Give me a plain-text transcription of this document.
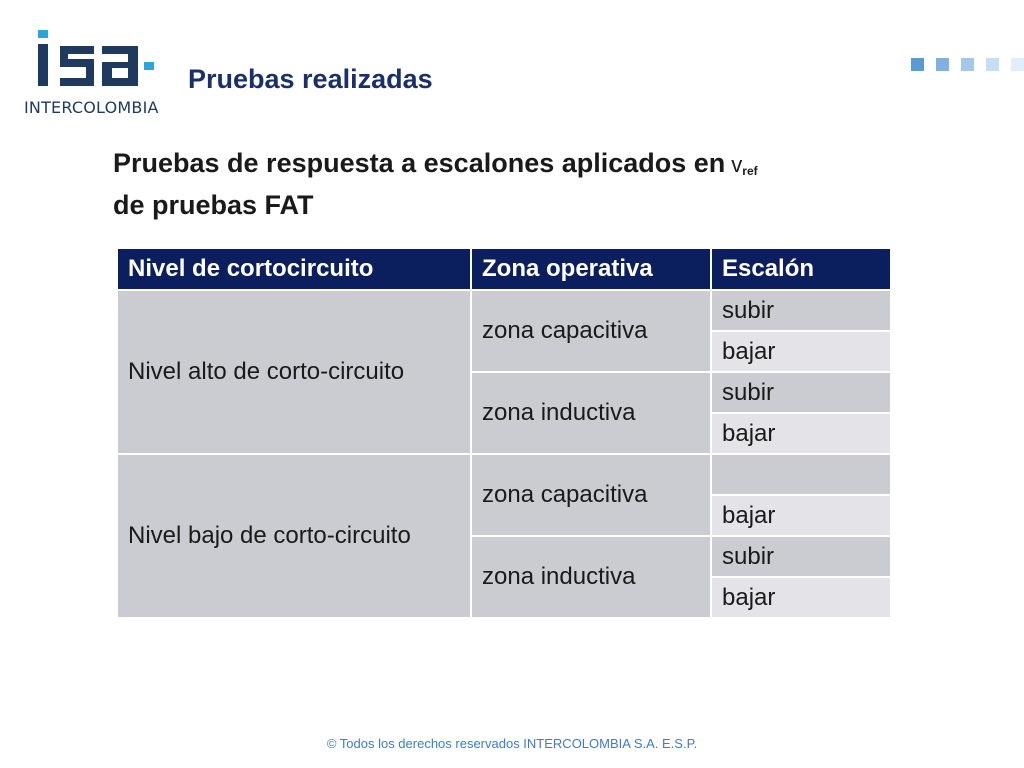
INTERCOLOMBIA
Pruebas realizadas
Pruebas de respuesta a escalones aplicados en $v_{ref}$
de pruebas FAT
Nivel de cortocircuito	Zona operativa	Escalón
Nivel alto de corto-circuito	zona capacitiva	subir
		bajar
	zona inductiva	subir
		bajar
Nivel bajo de corto-circuito	zona capacitiva	
		bajar
	zona inductiva	subir
		bajar
© Todos los derechos reservados INTERCOLOMBIA S.A. E.S.P.
